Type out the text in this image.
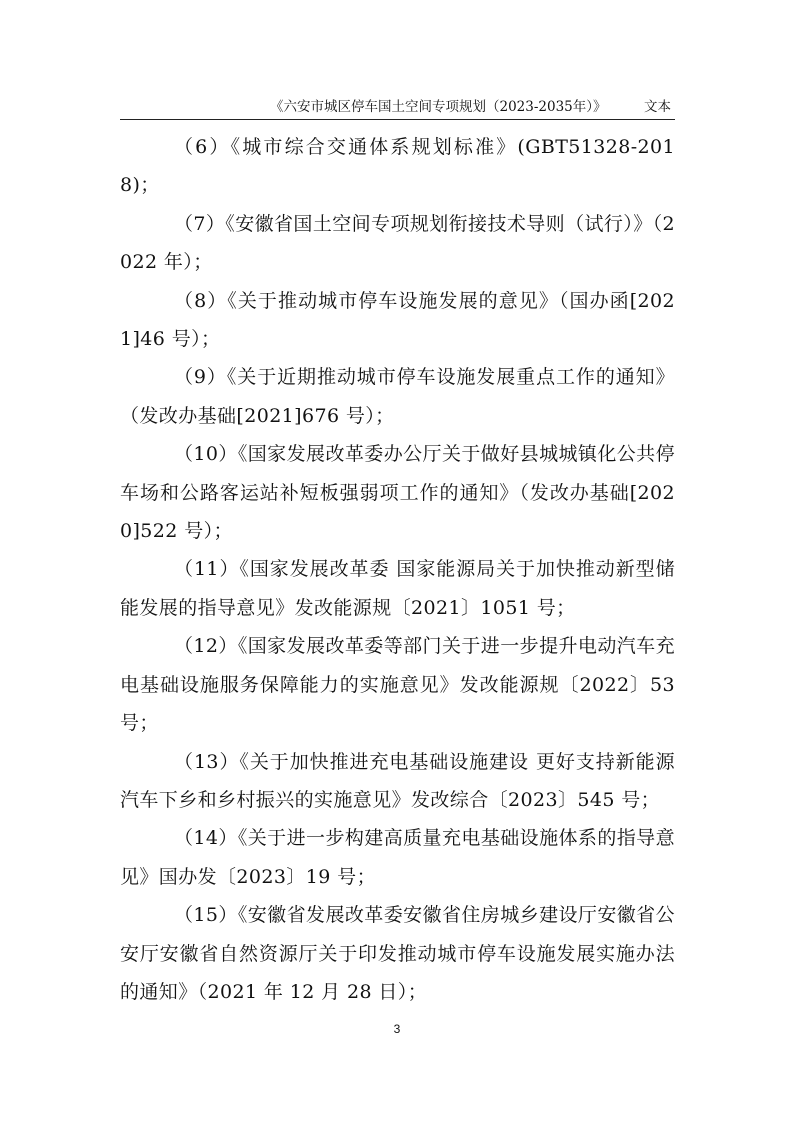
《六安市城区停车国土空间专项规划（2023-2035年）》	文本

（6）《城市综合交通体系规划标准》(GBT51328-2018)；

（7）《安徽省国土空间专项规划衔接技术导则（试行）》（2022 年）；

（8）《关于推动城市停车设施发展的意见》（国办函[2021]46 号）；

（9）《关于近期推动城市停车设施发展重点工作的通知》（发改办基础[2021]676 号）；

（10）《国家发展改革委办公厅关于做好县城城镇化公共停车场和公路客运站补短板强弱项工作的通知》（发改办基础[2020]522 号）；

（11）《国家发展改革委 国家能源局关于加快推动新型储能发展的指导意见》发改能源规〔2021〕1051 号；

（12）《国家发展改革委等部门关于进一步提升电动汽车充电基础设施服务保障能力的实施意见》发改能源规〔2022〕53 号；

（13）《关于加快推进充电基础设施建设 更好支持新能源汽车下乡和乡村振兴的实施意见》发改综合〔2023〕545 号；

（14）《关于进一步构建高质量充电基础设施体系的指导意见》国办发〔2023〕19 号；

（15）《安徽省发展改革委安徽省住房城乡建设厅安徽省公安厅安徽省自然资源厅关于印发推动城市停车设施发展实施办法的通知》（2021 年 12 月 28 日）；

3
